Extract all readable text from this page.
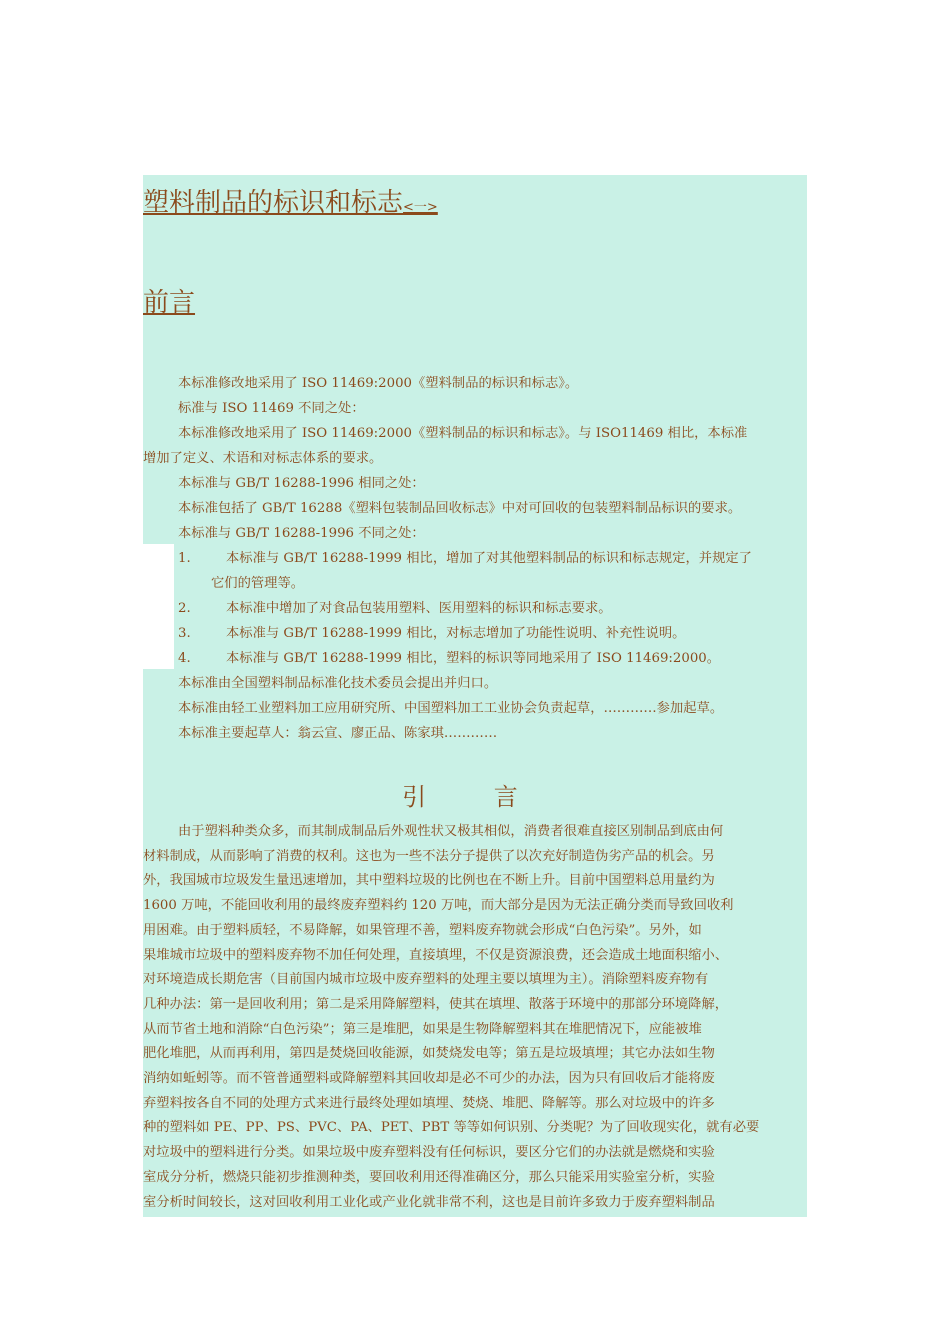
塑料制品的标识和标志<一>
前言
本标准修改地采用了 ISO 11469:2000《塑料制品的标识和标志》。
标准与 ISO 11469 不同之处：
本标准修改地采用了 ISO 11469:2000《塑料制品的标识和标志》。与 ISO11469 相比，本标准
增加了定义、术语和对标志体系的要求。
本标准与 GB/T 16288-1996 相同之处：
本标准包括了 GB/T 16288《塑料包装制品回收标志》中对可回收的包装塑料制品标识的要求。
本标准与 GB/T 16288-1996 不同之处：
1.	本标准与 GB/T 16288-1999 相比，增加了对其他塑料制品的标识和标志规定，并规定了
它们的管理等。
2.	本标准中增加了对食品包装用塑料、医用塑料的标识和标志要求。
3.	本标准与 GB/T 16288-1999 相比，对标志增加了功能性说明、补充性说明。
4.	本标准与 GB/T 16288-1999 相比，塑料的标识等同地采用了 ISO 11469:2000。
本标准由全国塑料制品标准化技术委员会提出并归口。
本标准由轻工业塑料加工应用研究所、中国塑料加工工业协会负责起草，…………参加起草。
本标准主要起草人：翁云宣、廖正品、陈家琪…………
引 言
由于塑料种类众多，而其制成制品后外观性状又极其相似，消费者很难直接区别制品到底由何
材料制成，从而影响了消费的权利。这也为一些不法分子提供了以次充好制造伪劣产品的机会。另
外，我国城市垃圾发生量迅速增加，其中塑料垃圾的比例也在不断上升。目前中国塑料总用量约为
1600 万吨，不能回收利用的最终废弃塑料约 120 万吨，而大部分是因为无法正确分类而导致回收利
用困难。由于塑料质轻，不易降解，如果管理不善，塑料废弃物就会形成“白色污染”。另外，如
果堆城市垃圾中的塑料废弃物不加任何处理，直接填埋，不仅是资源浪费，还会造成土地面积缩小、
对环境造成长期危害（目前国内城市垃圾中废弃塑料的处理主要以填埋为主）。消除塑料废弃物有
几种办法：第一是回收利用；第二是采用降解塑料，使其在填埋、散落于环境中的那部分环境降解，
从而节省土地和消除“白色污染”；第三是堆肥，如果是生物降解塑料其在堆肥情况下，应能被堆
肥化堆肥，从而再利用，第四是焚烧回收能源，如焚烧发电等；第五是垃圾填埋；其它办法如生物
消纳如蚯蚓等。而不管普通塑料或降解塑料其回收却是必不可少的办法，因为只有回收后才能将废
弃塑料按各自不同的处理方式来进行最终处理如填埋、焚烧、堆肥、降解等。那么对垃圾中的许多
种的塑料如 PE、PP、PS、PVC、PA、PET、PBT 等等如何识别、分类呢？为了回收现实化，就有必要
对垃圾中的塑料进行分类。如果垃圾中废弃塑料没有任何标识，要区分它们的办法就是燃烧和实验
室成分分析，燃烧只能初步推测种类，要回收利用还得准确区分，那么只能采用实验室分析，实验
室分析时间较长，这对回收利用工业化或产业化就非常不利，这也是目前许多致力于废弃塑料制品
